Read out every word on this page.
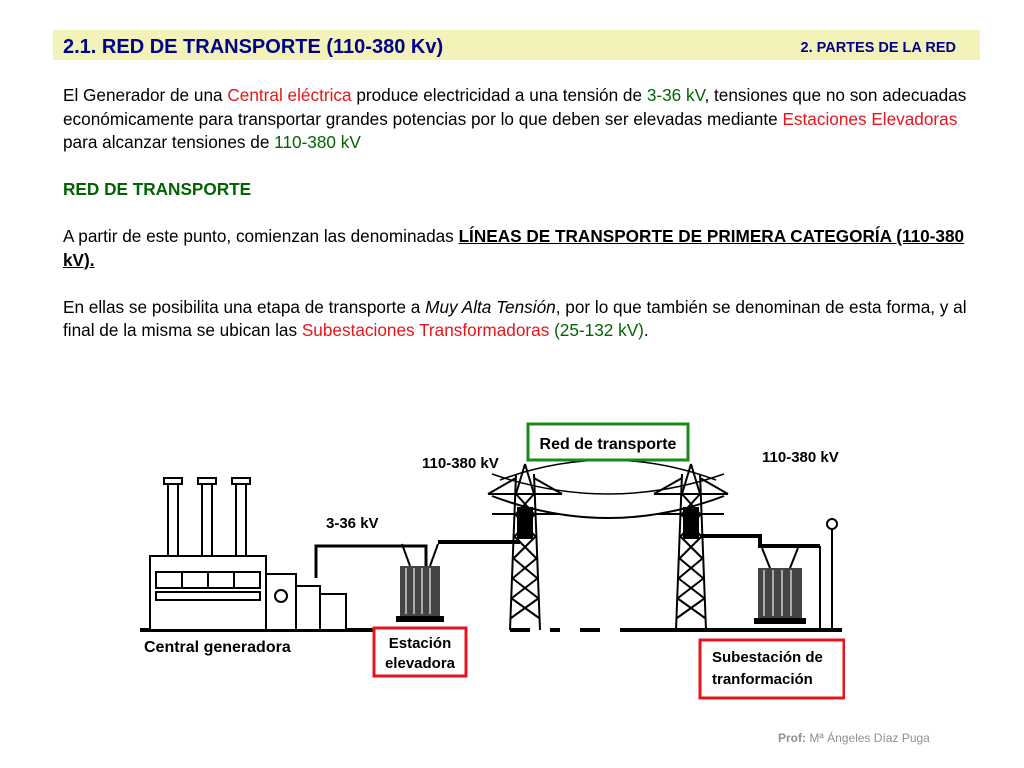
2.1. RED DE TRANSPORTE (110-380 Kv)	2. PARTES DE LA RED

El Generador de una Central eléctrica produce electricidad a una tensión de 3-36 kV, tensiones que no son adecuadas económicamente para transportar grandes potencias por lo que deben ser elevadas mediante Estaciones Elevadoras para alcanzar tensiones de 110-380 kV

RED DE TRANSPORTE

A partir de este punto, comienzan las denominadas LÍNEAS DE TRANSPORTE DE PRIMERA CATEGORÍA (110-380 kV).

En ellas se posibilita una etapa de transporte a Muy Alta Tensión, por lo que también se denominan de esta forma, y al final de la misma se ubican las Subestaciones Transformadoras (25-132 kV).

3-36 kV
110-380 kV	110-380 kV
Red de transporte
Central generadora	Estación
elevadora	Subestación de
tranformación
Prof: Mª Ángeles Díaz Puga
